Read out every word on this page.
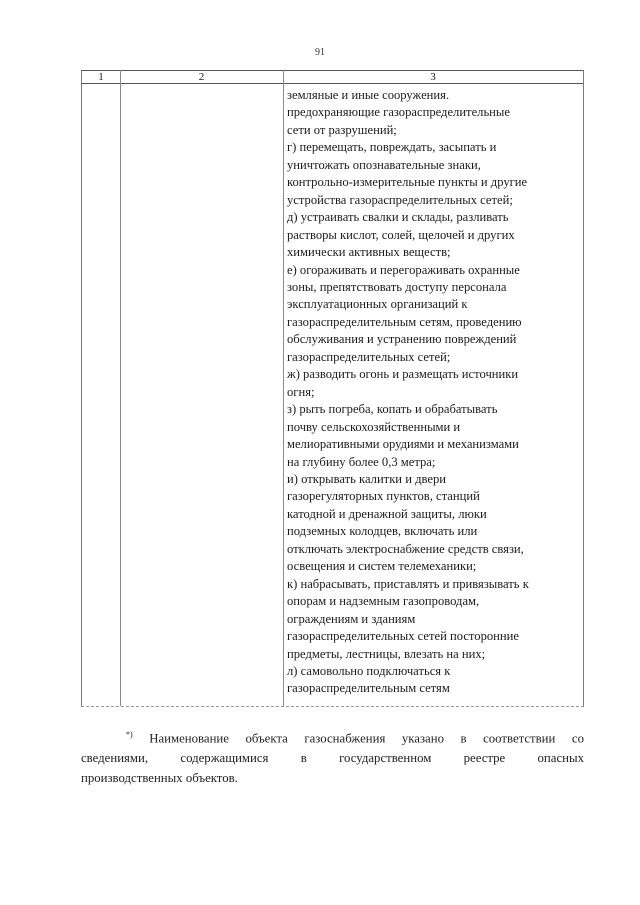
91
1	2	3
земляные и иные сооружения.
предохраняющие газораспределительные
сети от разрушений;
г) перемещать, повреждать, засыпать и
уничтожать опознавательные знаки,
контрольно-измерительные пункты и другие
устройства газораспределительных сетей;
д) устраивать свалки и склады, разливать
растворы кислот, солей, щелочей и других
химически активных веществ;
е) огораживать и перегораживать охранные
зоны, препятствовать доступу персонала
эксплуатационных организаций к
газораспределительным сетям, проведению
обслуживания и устранению повреждений
газораспределительных сетей;
ж) разводить огонь и размещать источники
огня;
з) рыть погреба, копать и обрабатывать
почву сельскохозяйственными и
мелиоративными орудиями и механизмами
на глубину более 0,3 метра;
и) открывать калитки и двери
газорегуляторных пунктов, станций
катодной и дренажной защиты, люки
подземных колодцев, включать или
отключать электроснабжение средств связи,
освещения и систем телемеханики;
к) набрасывать, приставлять и привязывать к
опорам и надземным газопроводам,
ограждениям и зданиям
газораспределительных сетей посторонние
предметы, лестницы, влезать на них;
л) самовольно подключаться к
газораспределительным сетям
*) Наименование объекта газоснабжения указано в соответствии со
сведениями, содержащимися в государственном реестре опасных
производственных объектов.
